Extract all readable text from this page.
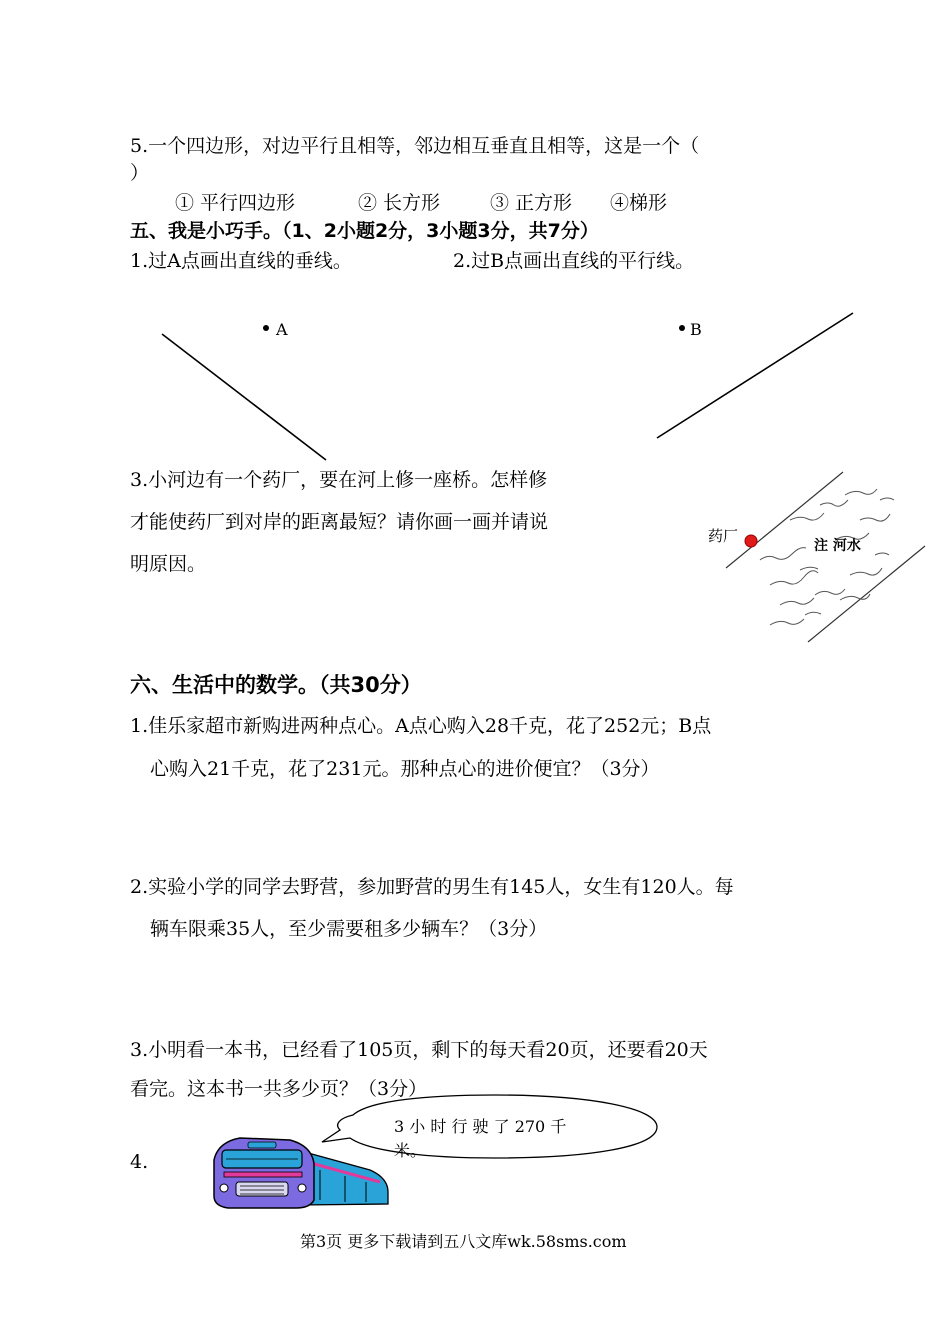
5.一个四边形，对边平行且相等，邻边相互垂直且相等，这是一个（
）
① 平行四边形	② 长方形	③ 正方形 ④梯形
五、我是小巧手。（1、2小题2分，3小题3分，共7分）
1.过A点画出直线的垂线。	2.过B点画出直线的平行线。
A	B
3.小河边有一个药厂，要在河上修一座桥。怎样修
才能使药厂到对岸的距离最短？请你画一画并请说
明原因。
药厂
注 河水
六、生活中的数学。（共30分）
1.佳乐家超市新购进两种点心。A点心购入28千克，花了252元；B点
心购入21千克，花了231元。那种点心的进价便宜？（3分）
2.实验小学的同学去野营，参加野营的男生有145人，女生有120人。每
辆车限乘35人，至少需要租多少辆车？（3分）
3.小明看一本书，已经看了105页，剩下的每天看20页，还要看20天
看完。这本书一共多少页？（3分）
4.
3 小 时 行 驶 了 270 千
米。
第3页 更多下载请到五八文库wk.58sms.com
